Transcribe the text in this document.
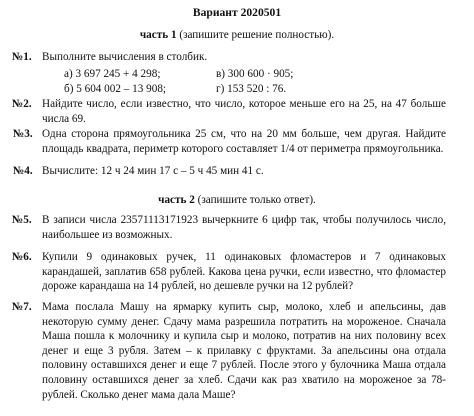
Вариант 2020501
часть 1 (запишите решение полностью).
№1. Выполните вычисления в столбик.
а) 3 697 245 + 4 298;
б) 5 604 002 – 13 908;
в) 300 600 · 905;
г) 153 520 : 76.
№2. Найдите число, если известно, что число, которое меньше его на 25, на 47 больше числа 69.
№3. Одна сторона прямоугольника 25 см, что на 20 мм больше, чем другая. Найдите площадь квадрата, периметр которого составляет 1/4 от периметра прямоугольника.
№4. Вычислите: 12 ч 24 мин 17 с – 5 ч 45 мин 41 с.
часть 2 (запишите только ответ).
№5. В записи числа 23571113171923 вычеркните 6 цифр так, чтобы получилось число, наибольшее из возможных.
№6. Купили 9 одинаковых ручек, 11 одинаковых фломастеров и 7 одинаковых карандашей, заплатив 658 рублей. Какова цена ручки, если известно, что фломастер дороже карандаша на 14 рублей, но дешевле ручки на 12 рублей?
№7. Мама послала Машу на ярмарку купить сыр, молоко, хлеб и апельсины, дав некоторую сумму денег. Сдачу мама разрешила потратить на мороженое. Сначала Маша пошла к молочнику и купила сыр и молоко, потратив на них половину всех денег и еще 3 рубля. Затем – к прилавку с фруктами. За апельсины она отдала половину оставшихся денег и еще 7 рублей. После этого у булочника Маша отдала половину оставшихся денег за хлеб. Сдачи как раз хватило на мороженое за 78-рублей. Сколько денег мама дала Маше?
